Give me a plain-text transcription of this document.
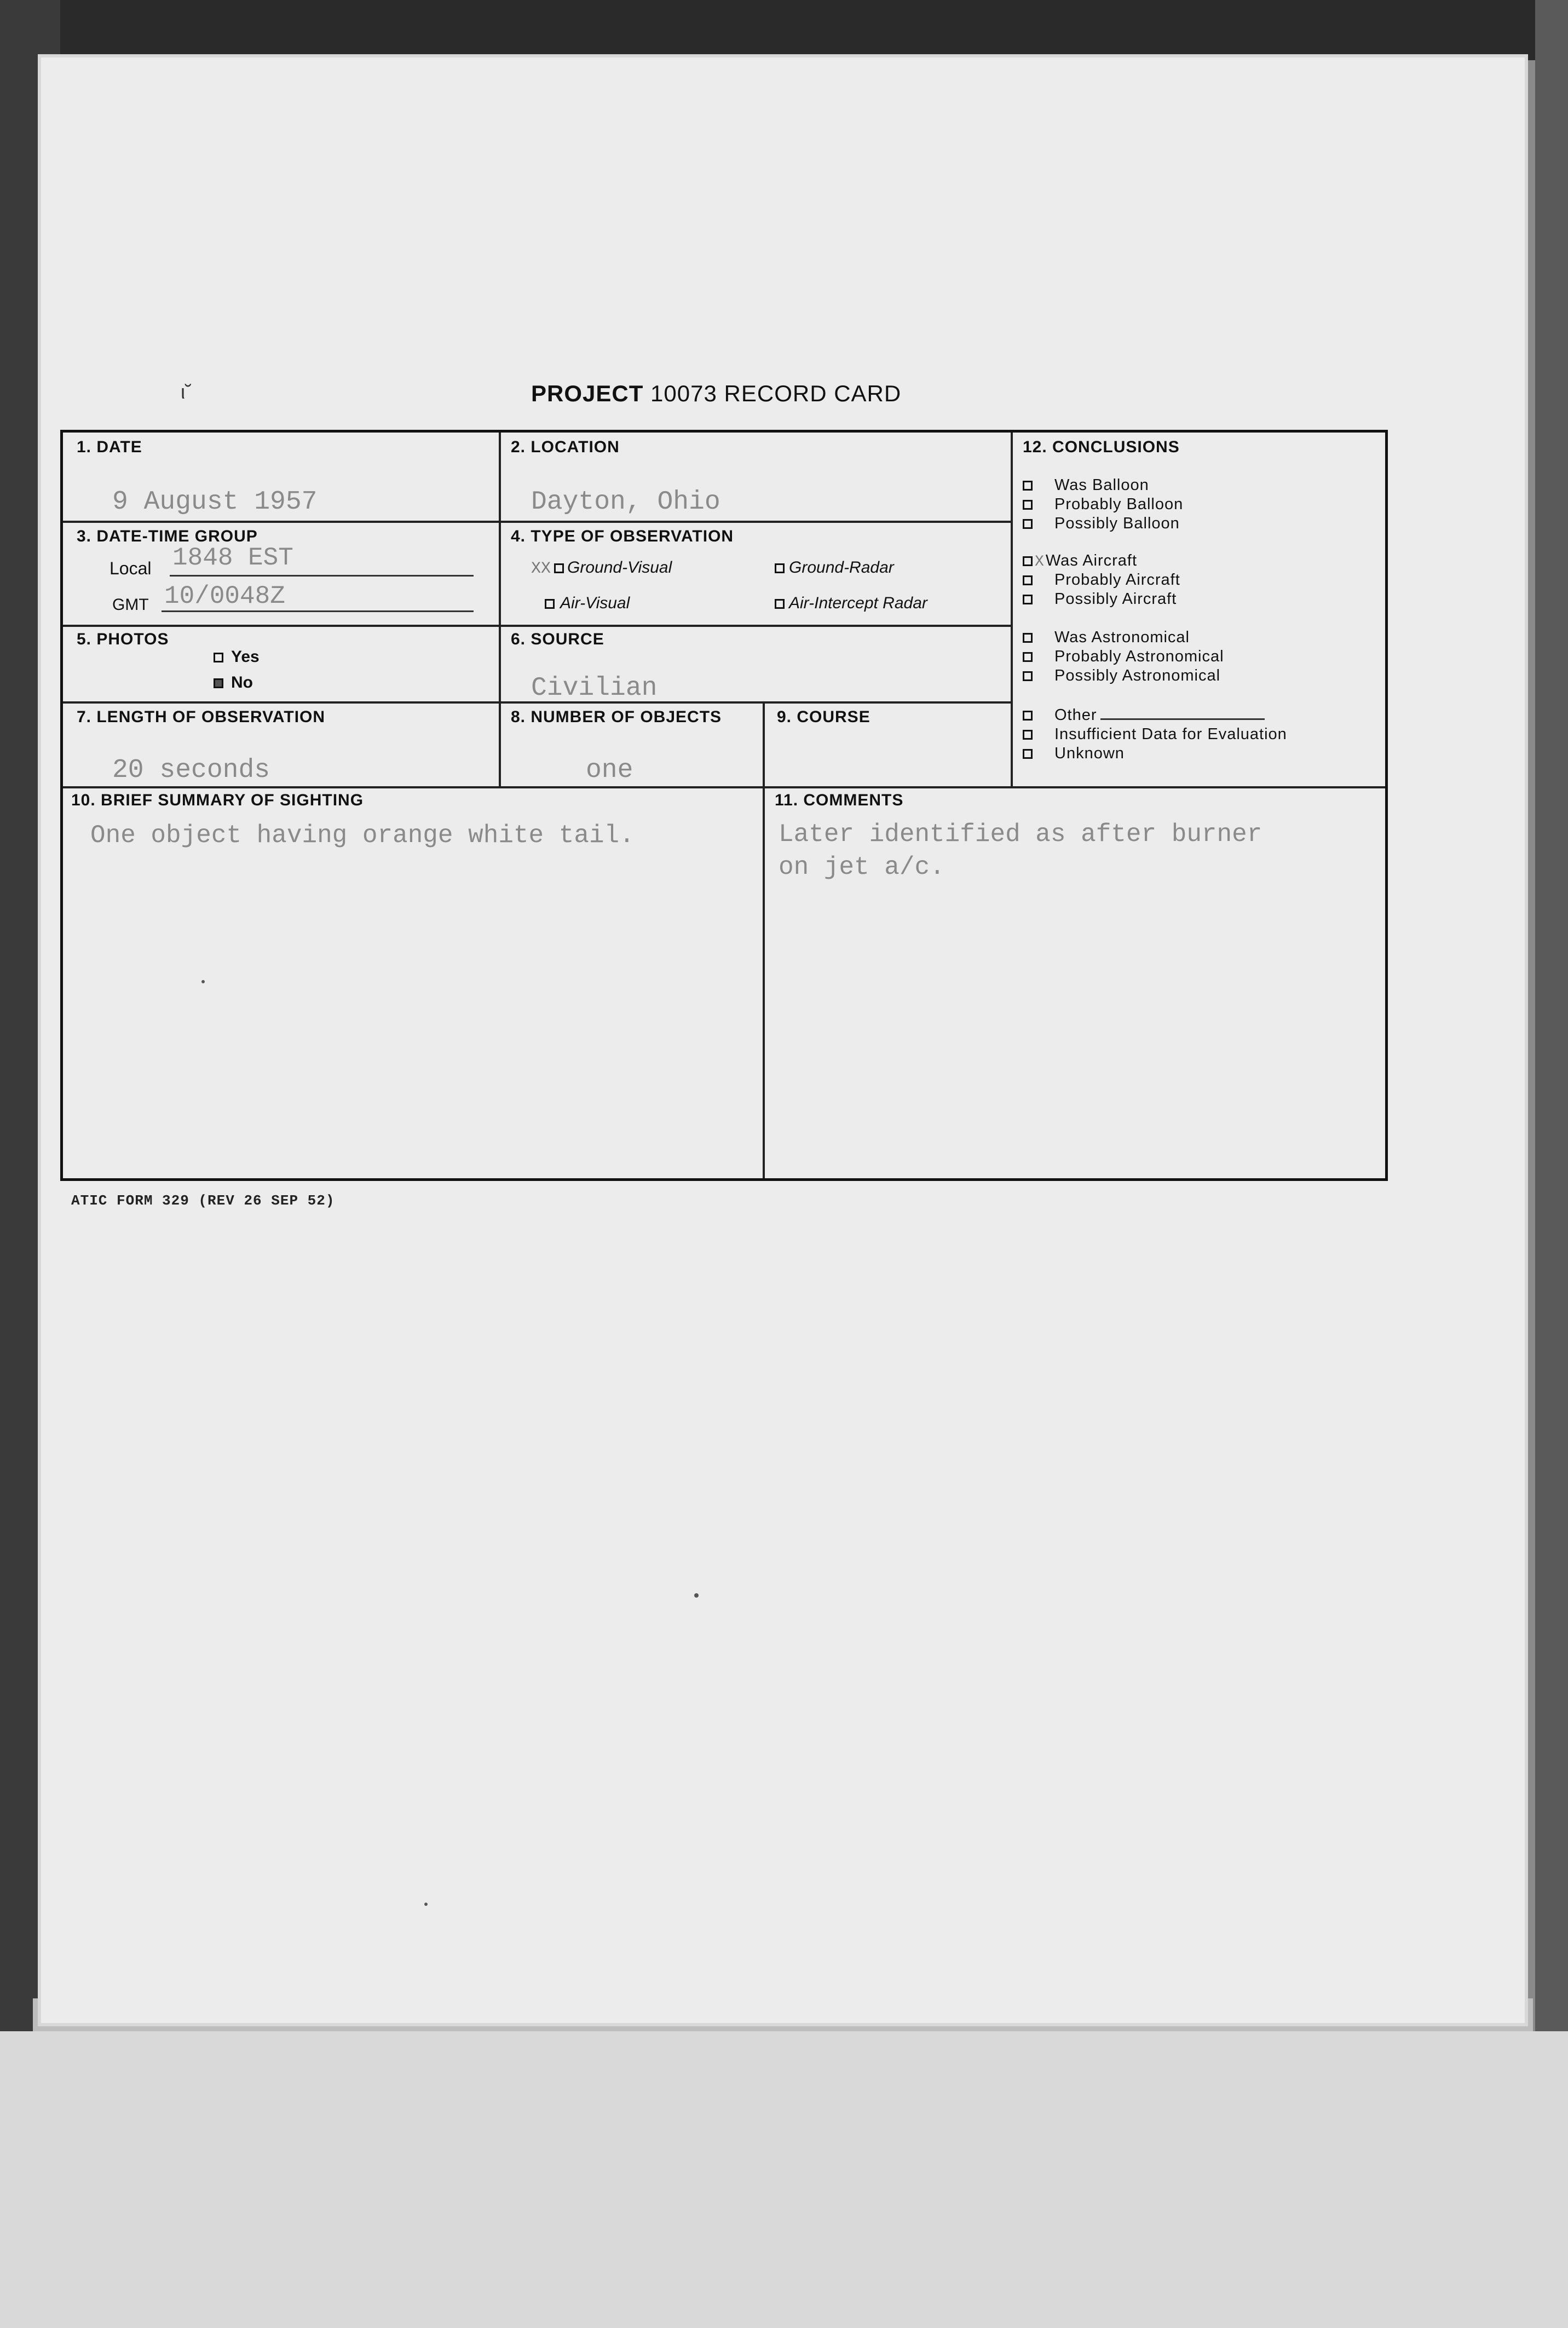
ι˘	PROJECT 10073 RECORD CARD
1. DATE
9 August 1957
2. LOCATION
Dayton, Ohio
3. DATE-TIME GROUP
Local 1848 EST
GMT 10/0048Z
4. TYPE OF OBSERVATION
XX Ground-Visual	Ground-Radar
Air-Visual	Air-Intercept Radar
5. PHOTOS
Yes
No
6. SOURCE
Civilian
7. LENGTH OF OBSERVATION
20 seconds
8. NUMBER OF OBJECTS
one
9. COURSE
12. CONCLUSIONS
Was Balloon
Probably Balloon
Possibly Balloon
XWas Aircraft
Probably Aircraft
Possibly Aircraft
Was Astronomical
Probably Astronomical
Possibly Astronomical
Other
Insufficient Data for Evaluation
Unknown
10. BRIEF SUMMARY OF SIGHTING
One object having orange white tail.
11. COMMENTS
Later identified as after burner
on jet a/c.
ATIC FORM 329 (REV 26 SEP 52)
